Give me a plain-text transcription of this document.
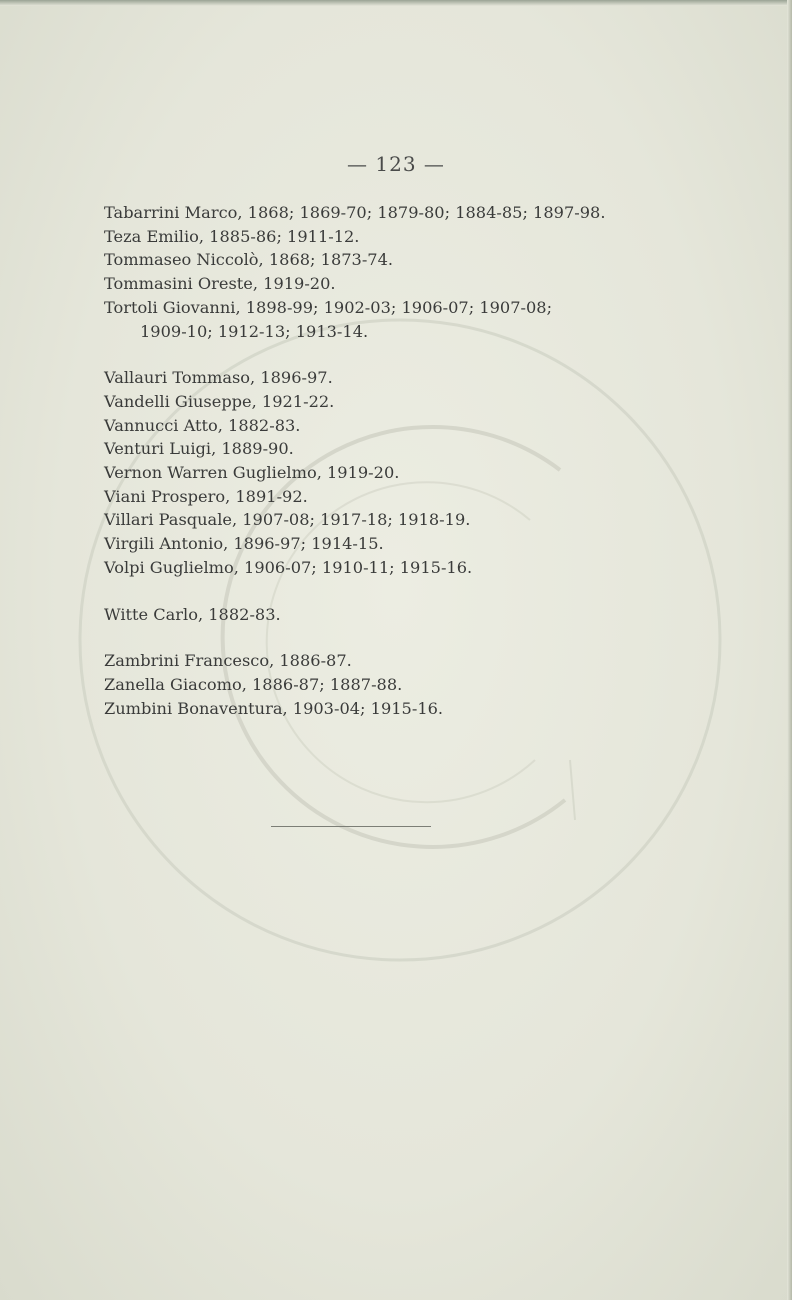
— 123 —
Tabarrini Marco, 1868; 1869-70; 1879-80; 1884-85; 1897-98.
Teza Emilio, 1885-86; 1911-12.
Tommaseo Niccolò, 1868; 1873-74.
Tommasini Oreste, 1919-20.
Tortoli Giovanni, 1898-99; 1902-03; 1906-07; 1907-08;
1909-10; 1912-13; 1913-14.
Vallauri Tommaso, 1896-97.
Vandelli Giuseppe, 1921-22.
Vannucci Atto, 1882-83.
Venturi Luigi, 1889-90.
Vernon Warren Guglielmo, 1919-20.
Viani Prospero, 1891-92.
Villari Pasquale, 1907-08; 1917-18; 1918-19.
Virgili Antonio, 1896-97; 1914-15.
Volpi Guglielmo, 1906-07; 1910-11; 1915-16.
Witte Carlo, 1882-83.
Zambrini Francesco, 1886-87.
Zanella Giacomo, 1886-87; 1887-88.
Zumbini Bonaventura, 1903-04; 1915-16.
